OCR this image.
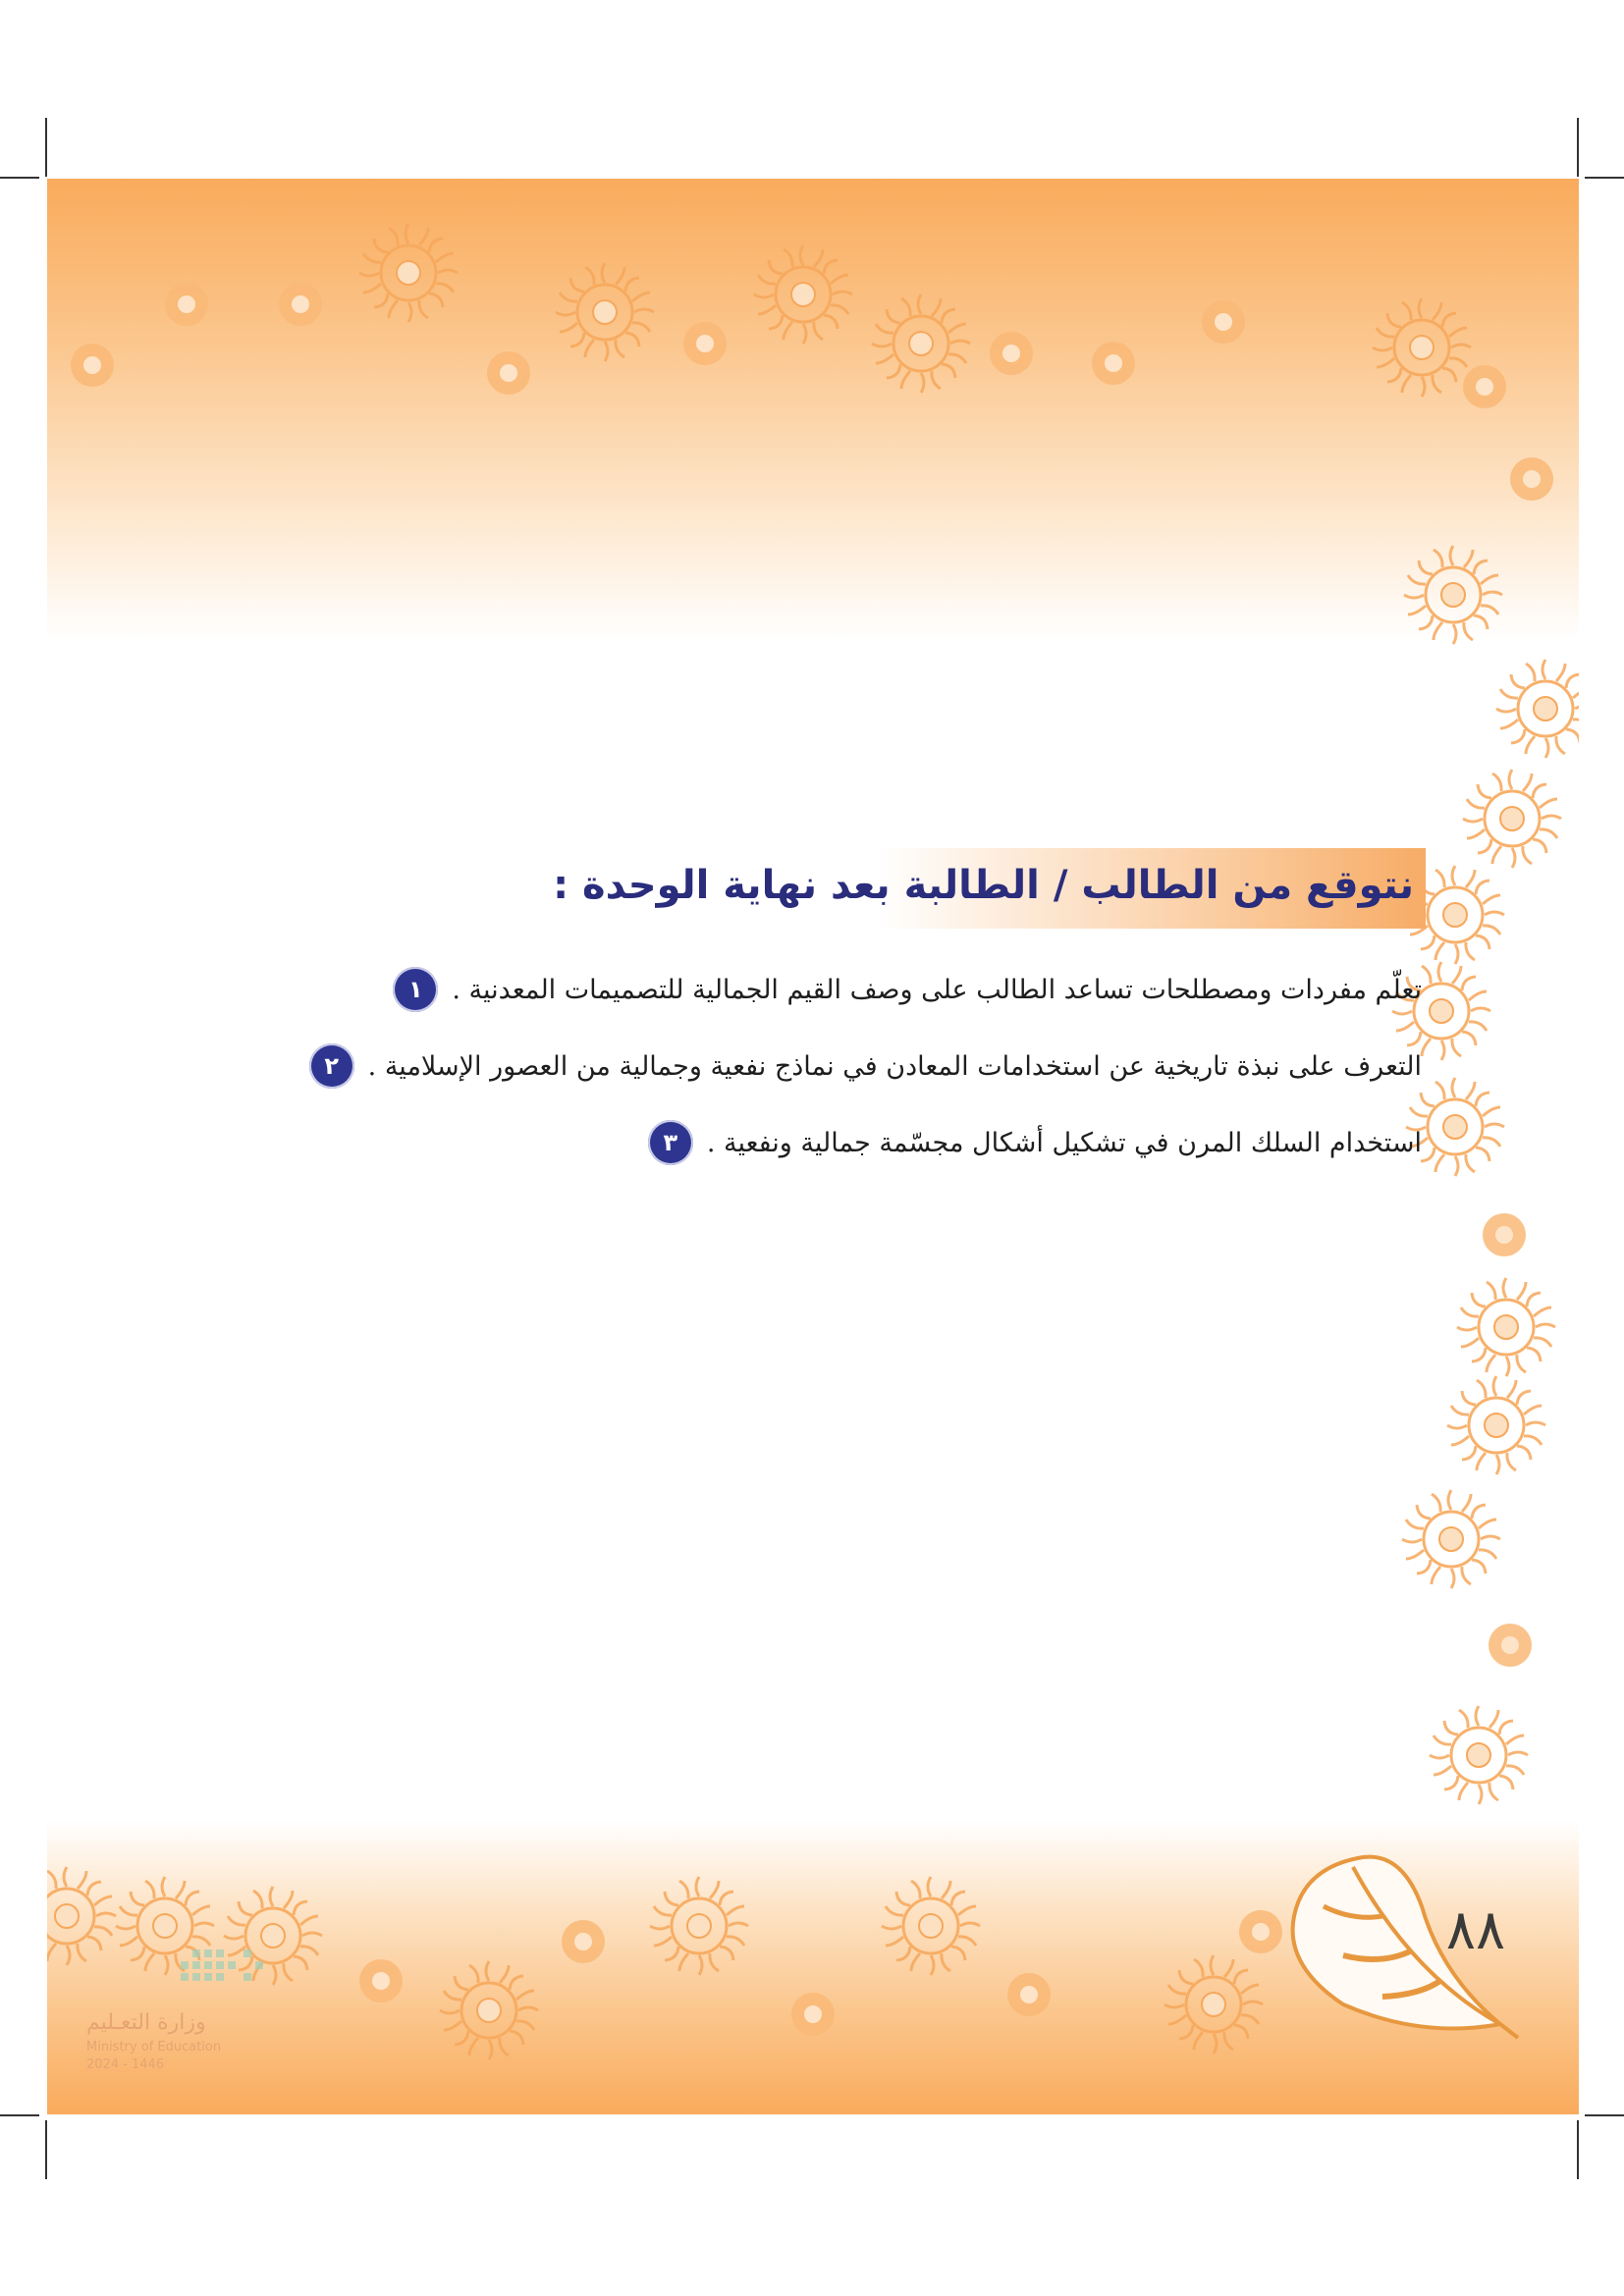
٨٨
نتوقع من الطالب / الطالبة بعد نهاية الوحدة :
١	تعلّم مفردات ومصطلحات تساعد الطالب على وصف القيم الجمالية للتصميمات المعدنية .
٢	التعرف على نبذة تاريخية عن استخدامات المعادن في نماذج نفعية وجمالية من العصور الإسلامية .
٣	استخدام السلك المرن في تشكيل أشكال مجسّمة جمالية ونفعية .
وزارة التعـليم
Ministry of Education
2024 - 1446
